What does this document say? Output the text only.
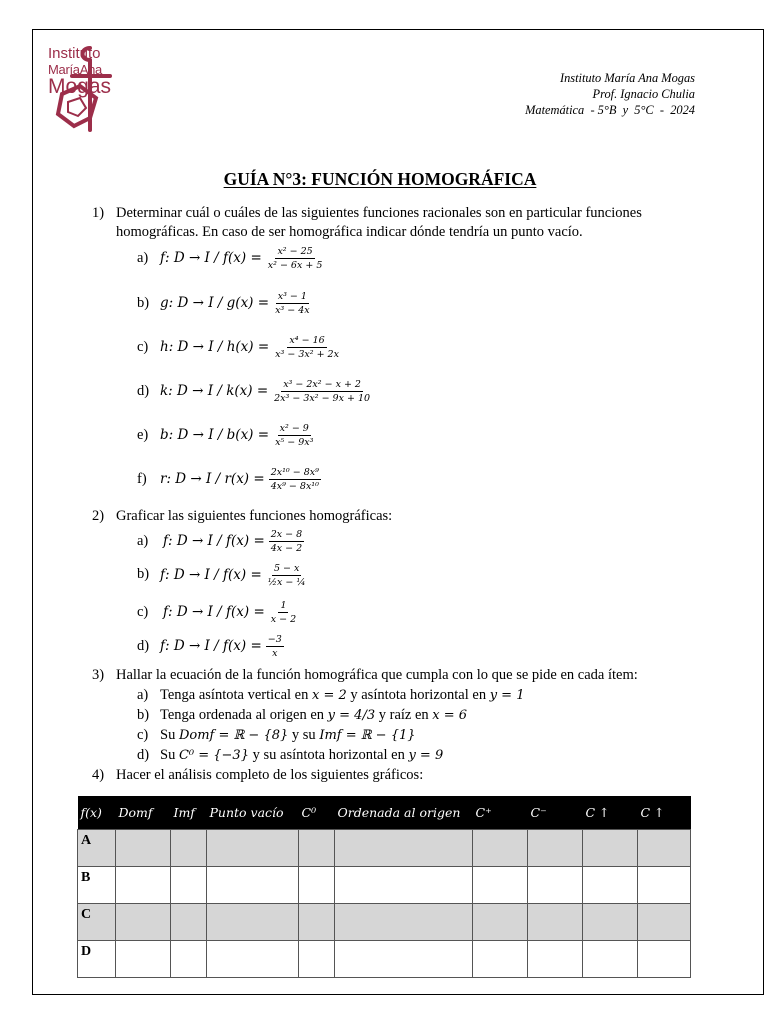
Instituto
MaríaAna
Mogas	Instituto María Ana Mogas
Prof. Ignacio Chulia
Matemática  - 5°B  y  5°C  -  2024
GUÍA N°3: FUNCIÓN HOMOGRÁFICA
1) Determinar cuál o cuáles de las siguientes funciones racionales son en particular funciones
homográficas. En caso de ser homográfica indicar dónde tendría un punto vacío.
a) f: $D \to I / f(x) = \frac{\text{x² − 25}}{\text{x² − 6x + 5}}$
b) g: $D \to I / g(x) = \frac{\text{x³ − 1}}{\text{x³ − 4x}}$
c) h: $D \to I / h(x) = \frac{\text{x⁴ − 16}}{\text{x³ − 3x² + 2x}}$
d) k: $D \to I / k(x) = \frac{\text{x³ − 2x² − x + 2}}{\text{2x³ − 3x² − 9x + 10}}$
e) b: $D \to I / b(x) = \frac{\text{x² − 9}}{\text{x⁵ − 9x³}}$
f) r: $D \to I / r(x) = \frac{\text{2x¹⁰ − 8x⁹}}{\text{4x⁹ − 8x¹⁰}}$
2) Graficar las siguientes funciones homográficas:
a) f: $D \to I / f(x) = \frac{2x - 8}{4x - 2}$
b) f: $D \to I / f(x) = \frac{5 - x}{\text{½x − ¼}}$
c) f: $D \to I / f(x) = \frac{1}{x - 2}$
d) f: $D \to I / f(x) = \frac{-3}{x}$
3) Hallar la ecuación de la función homográfica que cumpla con lo que se pide en cada ítem:
a) Tenga asíntota vertical en x = 2 y asíntota horizontal en y = 1
b) Tenga ordenada al origen en y = 4/3 y raíz en x = 6
c) Su Domf = ℝ − {8} y su Imf = ℝ − {1}
d) Su C⁰ = {−3} y su asíntota horizontal en y = 9
4) Hacer el análisis completo de los siguientes gráficos:
f(x)	Domf	Imf	Punto vacío	C⁰	Ordenada al origen	C⁺	C⁻	C ↑	C ↑
A									
B									
C									
D									
